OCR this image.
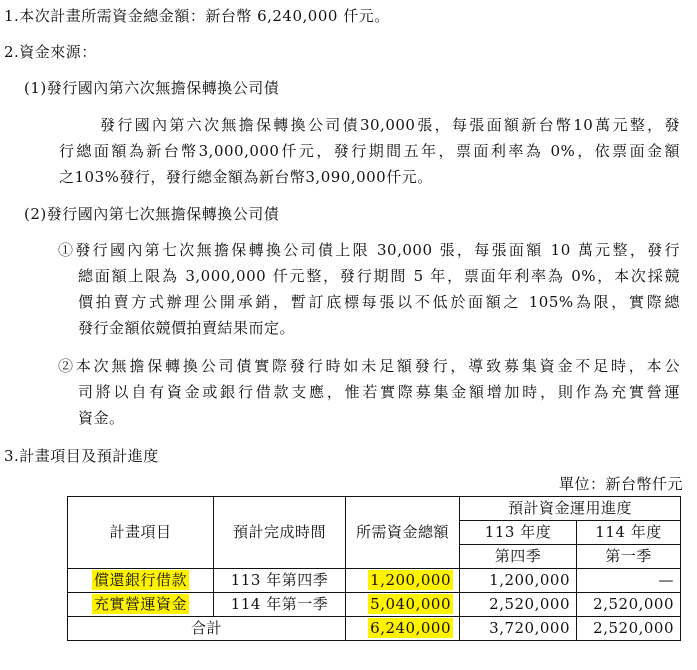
1.本次計畫所需資金總金額：新台幣 6,240,000 仟元。
2.資金來源：
(1)發行國內第六次無擔保轉換公司債
發行國內第六次無擔保轉換公司債30,000張，每張面額新台幣10萬元整，發
行總面額為新台幣3,000,000仟元，發行期間五年，票面利率為 0%，依票面金額
之103%發行，發行總金額為新台幣3,090,000仟元。
(2)發行國內第七次無擔保轉換公司債
①發行國內第七次無擔保轉換公司債上限 30,000 張，每張面額 10 萬元整，發行
總面額上限為 3,000,000 仟元整，發行期間 5 年，票面年利率為 0%，本次採競
價拍賣方式辦理公開承銷，暫訂底標每張以不低於面額之 105%為限，實際總
發行金額依競價拍賣結果而定。
②本次無擔保轉換公司債實際發行時如未足額發行，導致募集資金不足時，本公
司將以自有資金或銀行借款支應，惟若實際募集金額增加時，則作為充實營運
資金。
3.計畫項目及預計進度
單位：新台幣仟元
計畫項目	預計完成時間	所需資金總額	預計資金運用進度	
			113 年度	114 年度
			第四季	第一季
償還銀行借款	113 年第四季	1,200,000	1,200,000	—
充實營運資金	114 年第一季	5,040,000	2,520,000	2,520,000
合計		6,240,000	3,720,000	2,520,000
